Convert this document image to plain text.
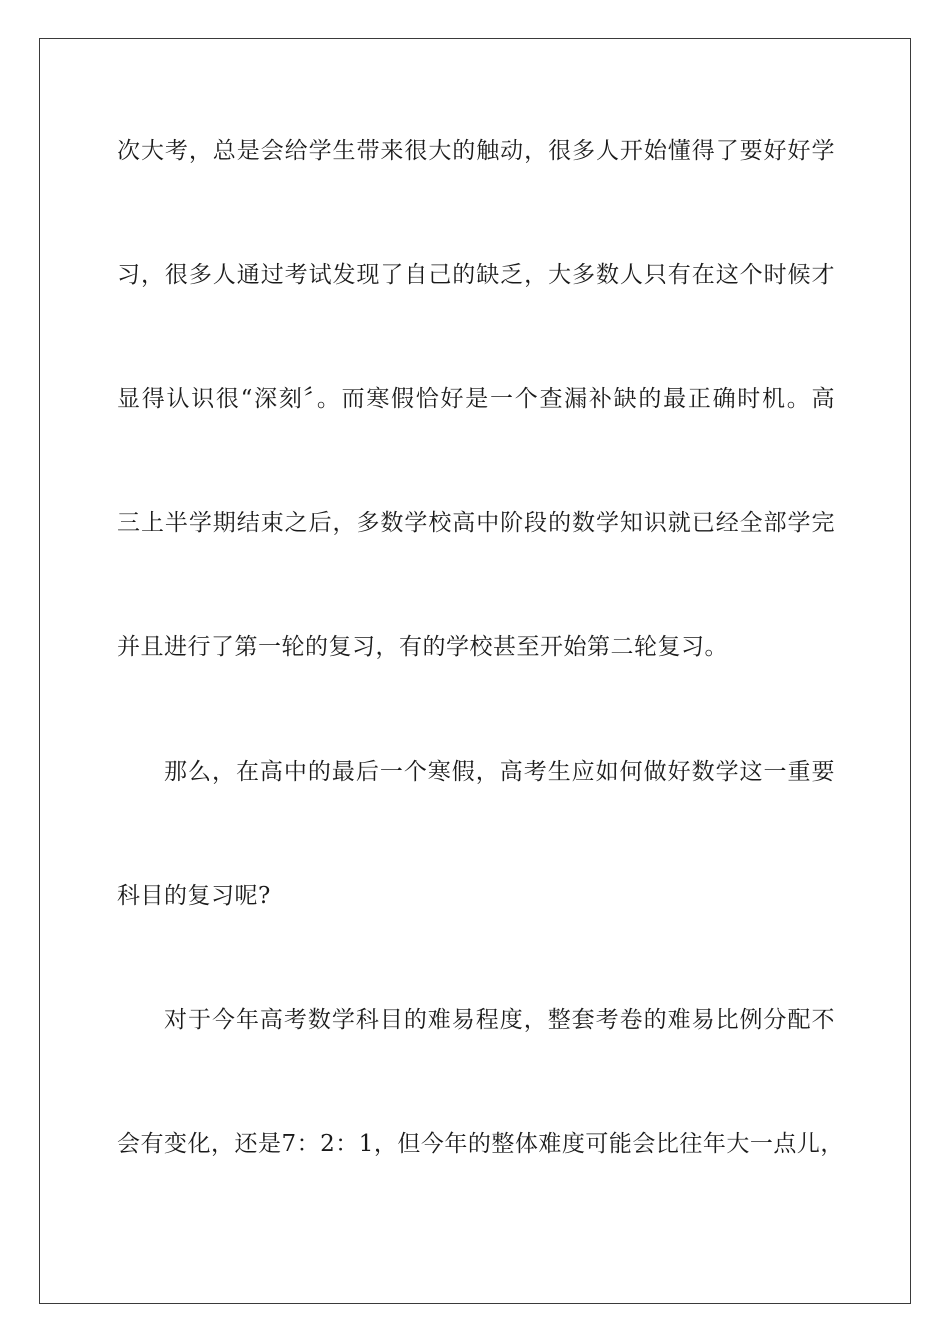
次大考，总是会给学生带来很大的触动，很多人开始懂得了要好好学
习，很多人通过考试发现了自己的缺乏，大多数人只有在这个时候才
显得认识很“深刻〞。而寒假恰好是一个查漏补缺的最正确时机。高
三上半学期结束之后，多数学校高中阶段的数学知识就已经全部学完
并且进行了第一轮的复习，有的学校甚至开始第二轮复习。
那么，在高中的最后一个寒假，高考生应如何做好数学这一重要
科目的复习呢?
对于今年高考数学科目的难易程度，整套考卷的难易比例分配不
会有变化，还是7：2：1，但今年的整体难度可能会比往年大一点儿，
